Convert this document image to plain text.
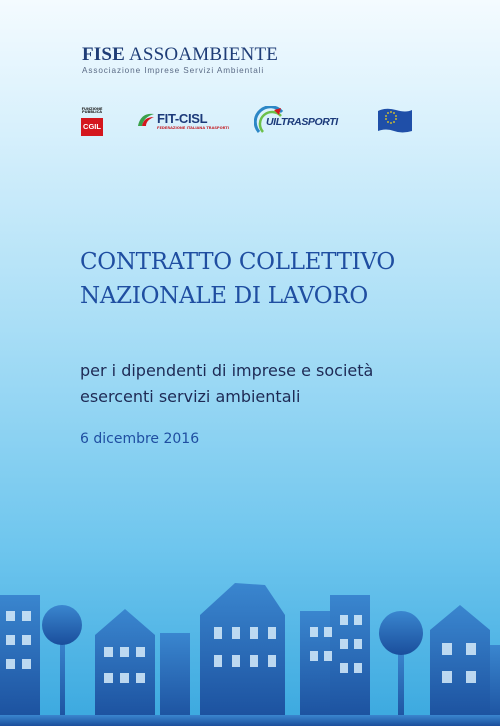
FISE ASSOAMBIENTE
Associazione Imprese Servizi Ambientali
FUNZIONE PUBBLICA
CGIL
FIT-CISL
FEDERAZIONE ITALIANA TRASPORTI	UILTRASPORTI
CONTRATTO COLLETTIVO
NAZIONALE DI LAVORO
per i dipendenti di imprese e società
esercenti servizi ambientali
6 dicembre 2016
